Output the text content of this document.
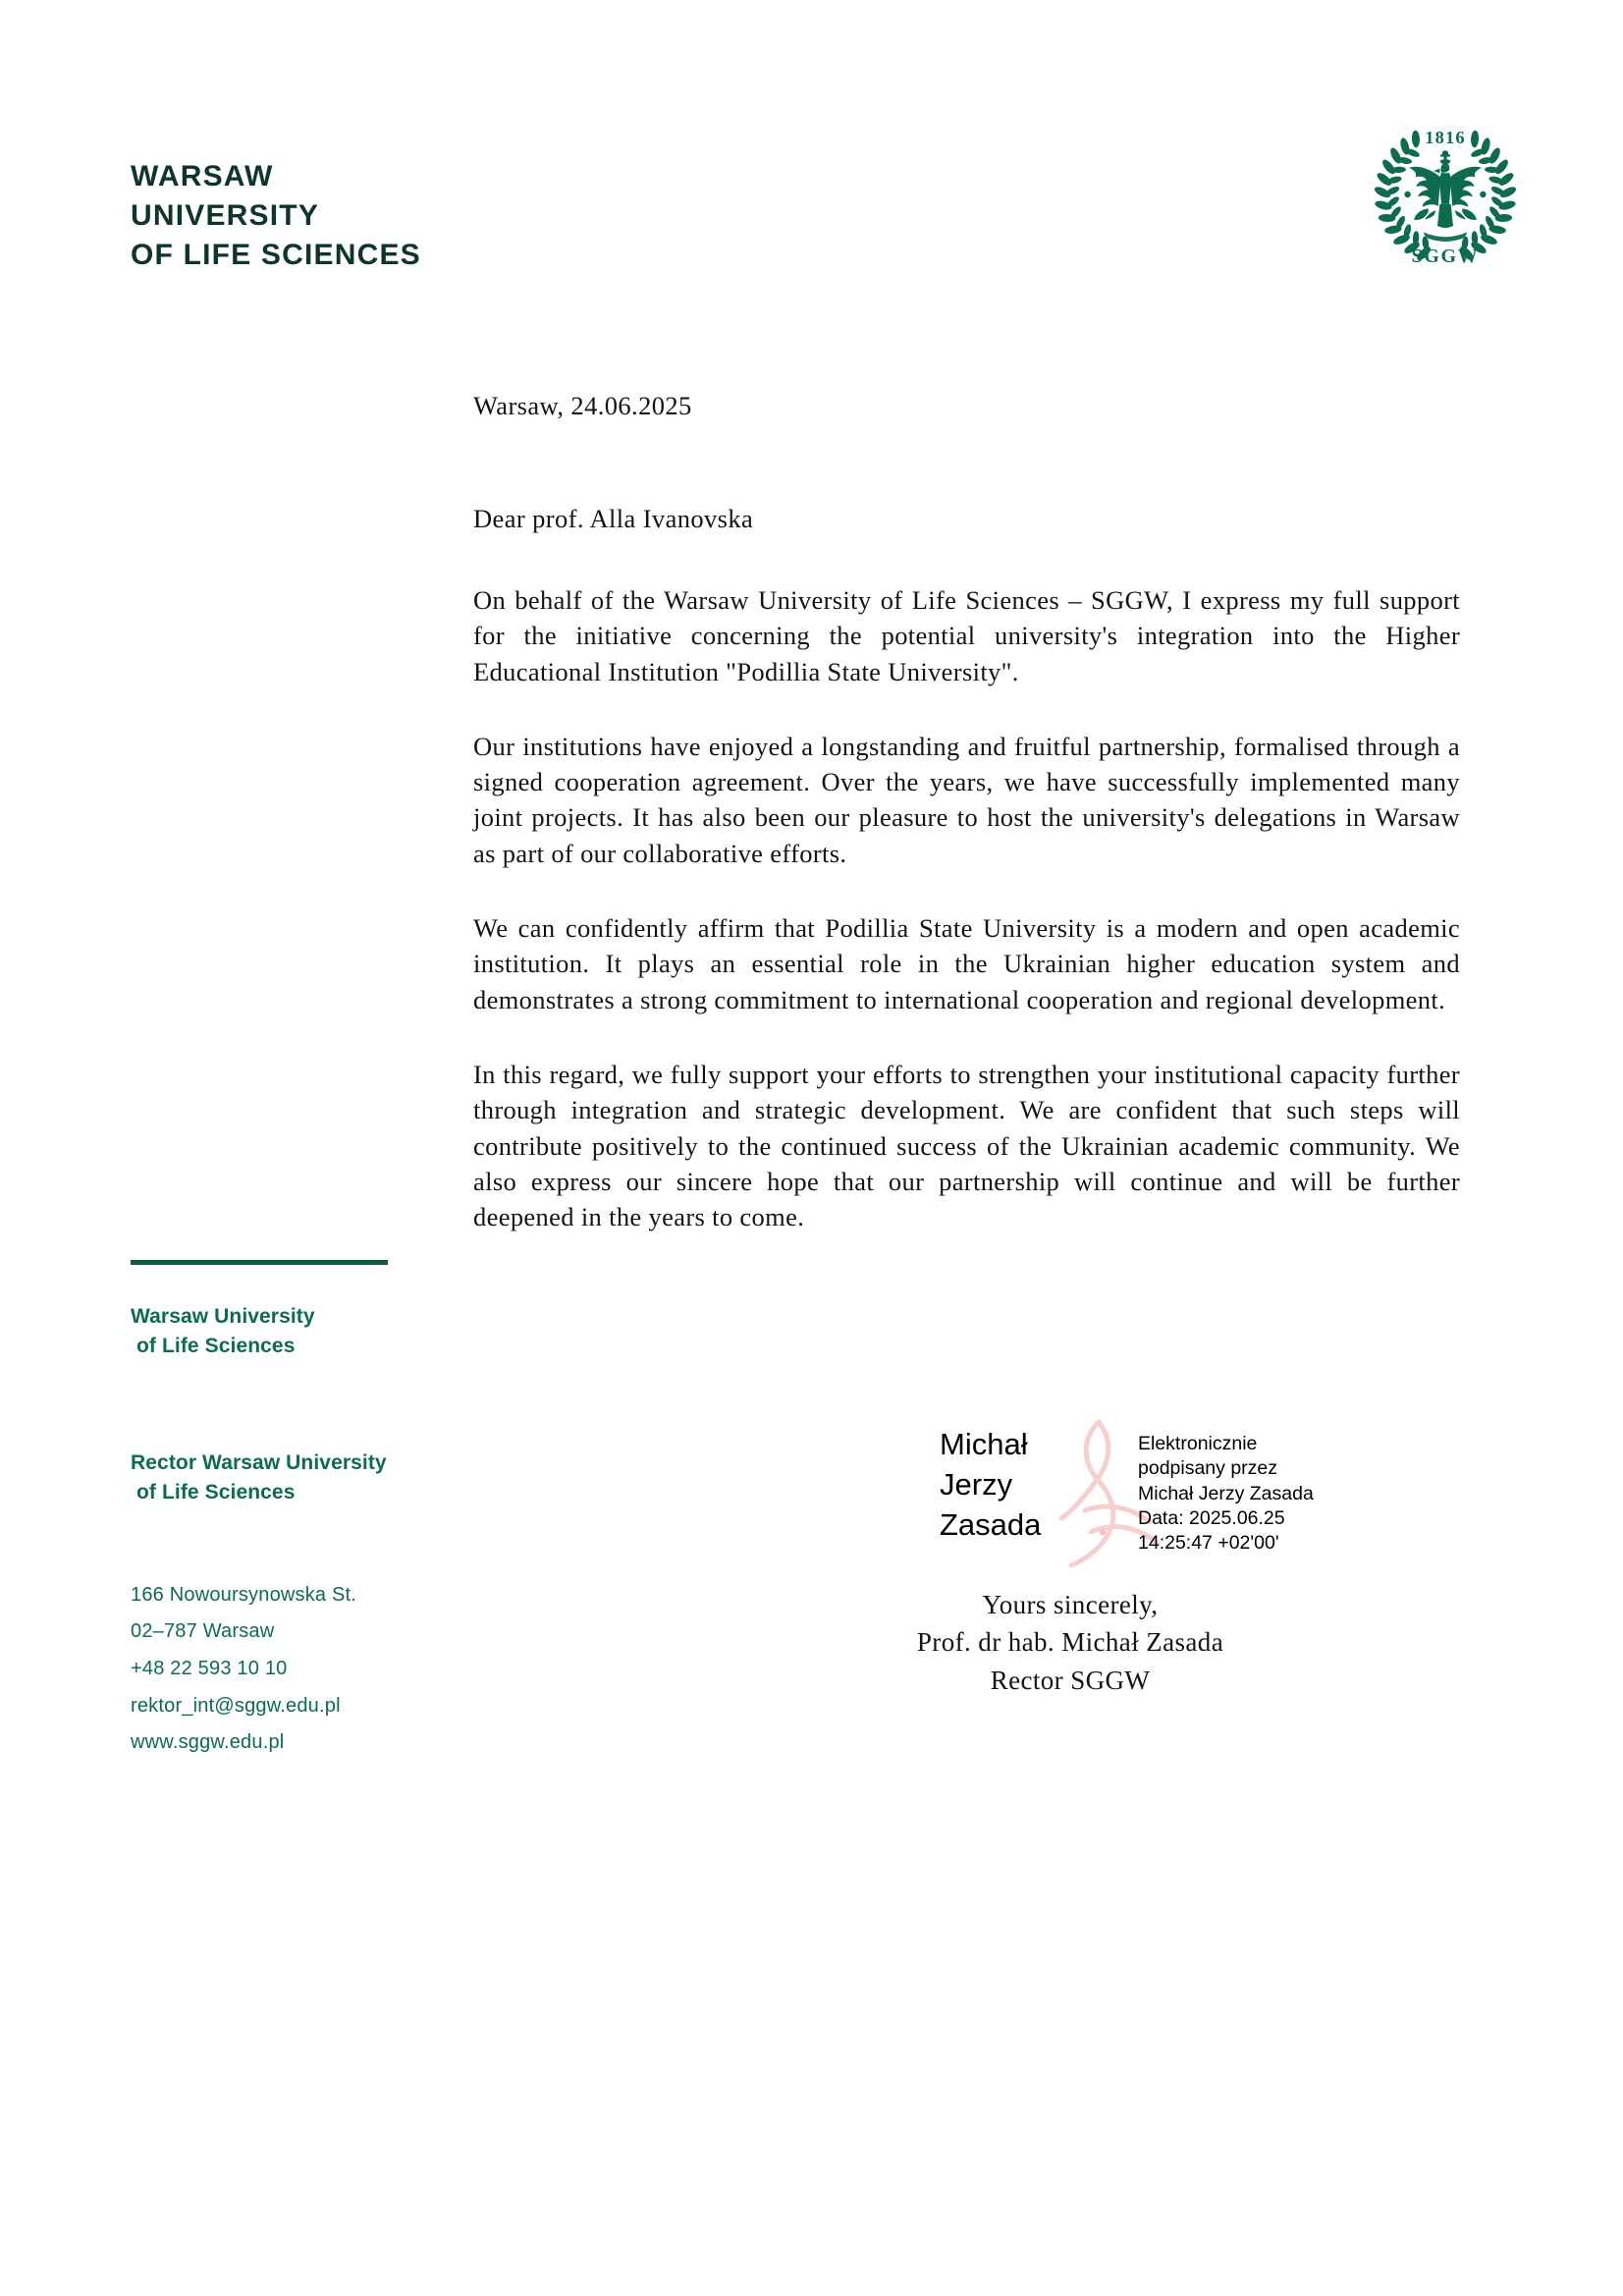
WARSAW
UNIVERSITY
OF LIFE SCIENCES
1816
SGGW
Warsaw, 24.06.2025
Dear prof. Alla Ivanovska

On behalf of the Warsaw University of Life Sciences – SGGW, I express my full support for the initiative concerning the potential university's integration into the Higher Educational Institution "Podillia State University".

Our institutions have enjoyed a longstanding and fruitful partnership, formalised through a signed cooperation agreement. Over the years, we have successfully implemented many joint projects. It has also been our pleasure to host the university's delegations in Warsaw as part of our collaborative efforts.

We can confidently affirm that Podillia State University is a modern and open academic institution. It plays an essential role in the Ukrainian higher education system and demonstrates a strong commitment to international cooperation and regional development.

In this regard, we fully support your efforts to strengthen your institutional capacity further through integration and strategic development. We are confident that such steps will contribute positively to the continued success of the Ukrainian academic community. We also express our sincere hope that our partnership will continue and will be further deepened in the years to come.

Warsaw University
of Life Sciences
Rector Warsaw University
of Life Sciences
166 Nowoursynowska St.
02–787 Warsaw
+48 22 593 10 10
rektor_int@sggw.edu.pl
www.sggw.edu.pl
Michał
Jerzy
Zasada
Elektronicznie
podpisany przez
Michał Jerzy Zasada
Data: 2025.06.25
14:25:47 +02'00'
Yours sincerely,
Prof. dr hab. Michał Zasada
Rector SGGW
